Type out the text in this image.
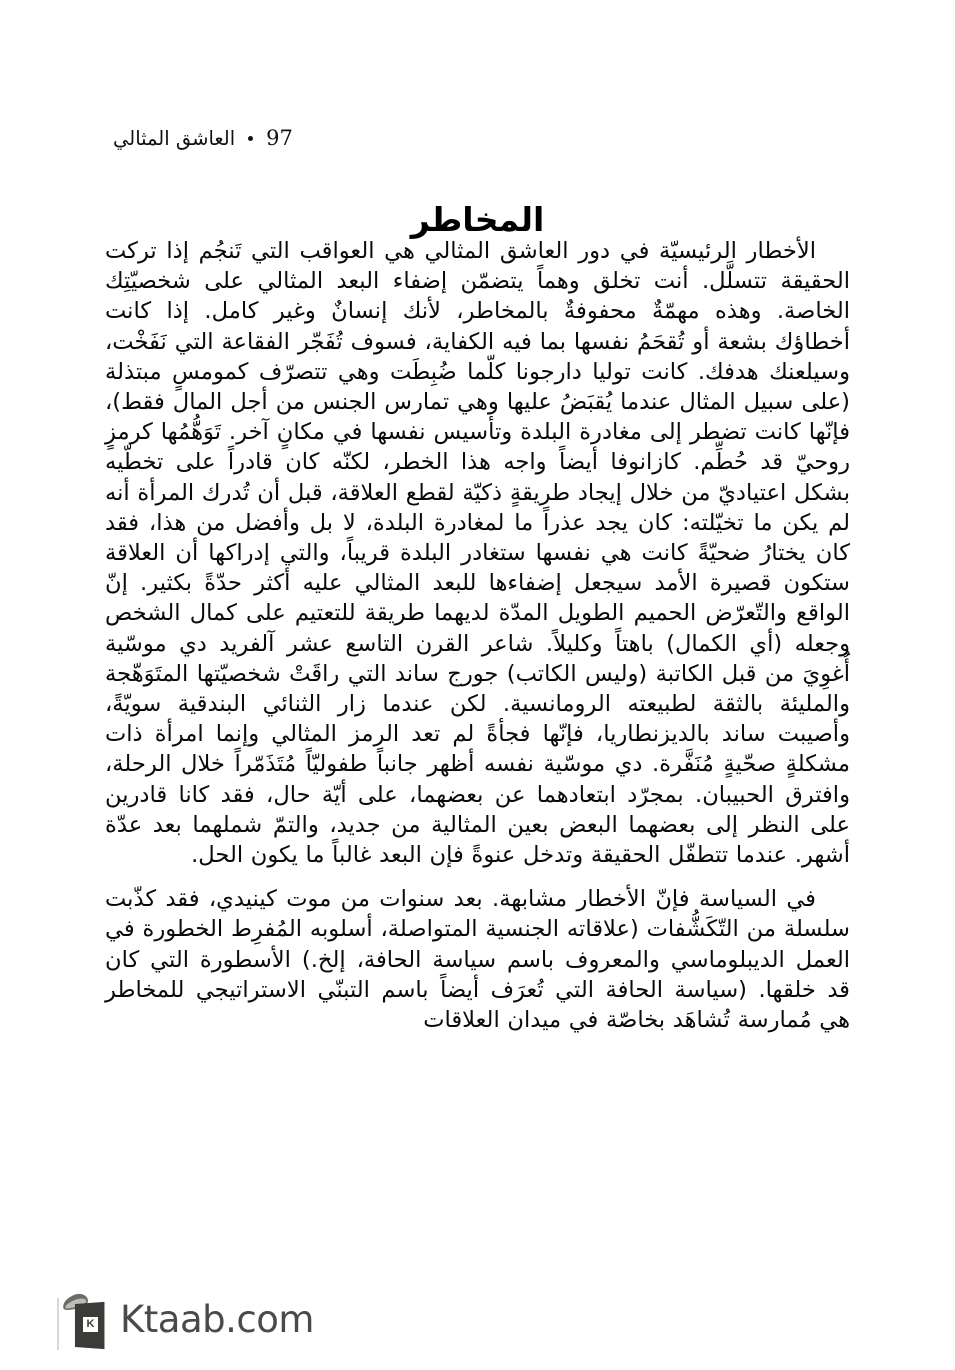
العاشق المثالي 97
المخاطر

الأخطار الرئيسيّة في دور العاشق المثالي هي العواقب التي تَنجُم إذا تركت الحقيقة تتسلَّل. أنت تخلق وهماً يتضمّن إضفاء البعد المثالي على شخصيّتِك الخاصة. وهذه مهمّةٌ محفوفةٌ بالمخاطر، لأنك إنسانٌ وغير كامل. إذا كانت أخطاؤك بشعة أو تُقحَمُ نفسها بما فيه الكفاية، فسوف تُفَجّر الفقاعة التي نَفَخْت، وسيلعنك هدفك. كانت توليا دارجونا كلّما ضُبِطَت وهي تتصرّف كمومسٍ مبتذلة (على سبيل المثال عندما يُقبَضُ عليها وهي تمارس الجنس من أجل المال فقط)، فإنّها كانت تضطر إلى مغادرة البلدة وتأسيس نفسها في مكانٍ آخر. تَوَهُّمُها كرمزٍ روحيّ قد حُطِّم. كازانوفا أيضاً واجه هذا الخطر، لكنّه كان قادراً على تخطّيه بشكل اعتياديّ من خلال إيجاد طريقةٍ ذكيّة لقطع العلاقة، قبل أن تُدرك المرأة أنه لم يكن ما تخيّلته: كان يجد عذراً ما لمغادرة البلدة، لا بل وأفضل من هذا، فقد كان يختارُ ضحيّةً كانت هي نفسها ستغادر البلدة قريباً، والتي إدراكها أن العلاقة ستكون قصيرة الأمد سيجعل إضفاءها للبعد المثالي عليه أكثر حدّةً بكثير. إنّ الواقع والتّعرّض الحميم الطويل المدّة لديهما طريقة للتعتيم على كمال الشخص وجعله (أي الكمال) باهتاً وكليلاً. شاعر القرن التاسع عشر آلفريد دي موسّية أُغوِيَ من قبل الكاتبة (وليس الكاتب) جورج ساند التي راقَتْ شخصيّتها المتَوَهّجة والمليئة بالثقة لطبيعته الرومانسية. لكن عندما زار الثنائي البندقية سويّةً، وأصيبت ساند بالديزنطاريا، فإنّها فجأةً لم تعد الرمز المثالي وإنما امرأة ذات مشكلةٍ صحّيةٍ مُنَفَّرة. دي موسّية نفسه أظهر جانباً طفوليّاً مُتَذَمّراً خلال الرحلة، وافترق الحبيبان. بمجرّد ابتعادهما عن بعضهما، على أيّة حال، فقد كانا قادرين على النظر إلى بعضهما البعض بعين المثالية من جديد، والتمّ شملهما بعد عدّة أشهر. عندما تتطفّل الحقيقة وتدخل عنوةً فإن البعد غالباً ما يكون الحل.

في السياسة فإنّ الأخطار مشابهة. بعد سنوات من موت كينيدي، فقد كذّبت سلسلة من التّكَشُّفات (علاقاته الجنسية المتواصلة، أسلوبه المُفرِط الخطورة في العمل الديبلوماسي والمعروف باسم سياسة الحافة، إلخ.) الأسطورة التي كان قد خلقها. (سياسة الحافة التي تُعرَف أيضاً باسم التبنّي الاستراتيجي للمخاطر هي مُمارسة تُشاهَد بخاصّة في ميدان العلاقات

K Ktaab.com
